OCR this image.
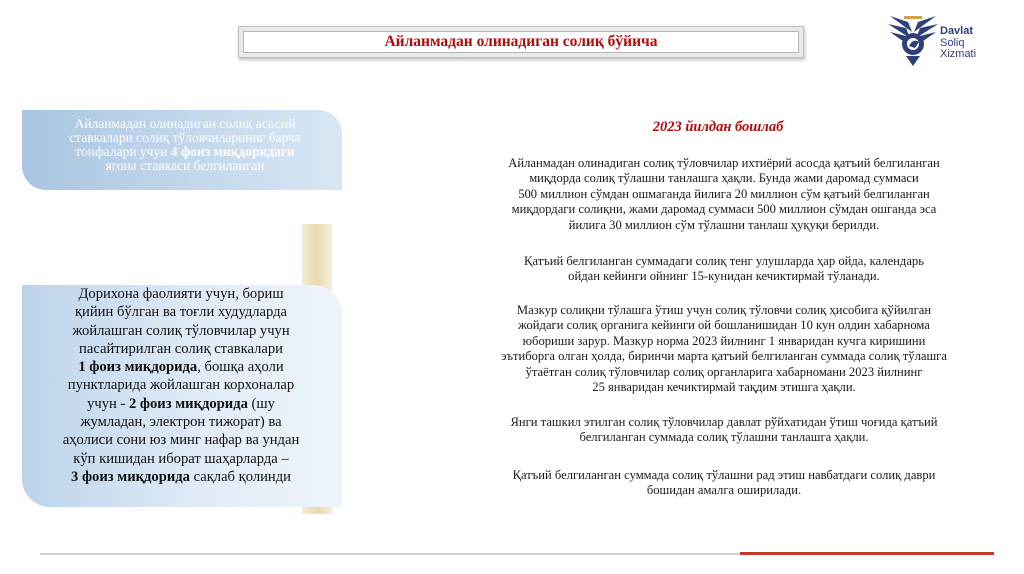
Айланмадан олинадиган солиқ бўйича
Davlat
Soliq
Xizmati
Айланмадан олинадиган солиқ асосий
ставкалари солиқ тўловчиларнинг барча
тоифалари учун 4 фоиз миқдоридаги
ягона ставкаси белгиланган
Дорихона фаолияти учун, бориш
қийин бўлган ва тоғли худудларда
жойлашган солиқ тўловчилар учун
пасайтирилган солиқ ставкалари
1 фоиз миқдорида, бошқа аҳоли
пунктларида жойлашган корхоналар
учун - 2 фоиз миқдорида (шу
жумладан, электрон тижорат) ва
аҳолиси сони юз минг нафар ва ундан
кўп кишидан иборат шаҳарларда –
3 фоиз миқдорида сақлаб қолинди
2023 йилдан бошлаб
Айланмадан олинадиган солиқ тўловчилар ихтиёрий асосда қатъий белгиланган
миқдорда солиқ тўлашни танлашга ҳақли. Бунда жами даромад суммаси
500 миллион сўмдан ошмаганда йилига 20 миллион сўм қатъий белгиланган
миқдордаги солиқни, жами даромад суммаси 500 миллион сўмдан ошганда эса
йилига 30 миллион сўм тўлашни танлаш ҳуқуқи берилди.
Қатъий белгиланган суммадаги солиқ тенг улушларда ҳар ойда, календарь
ойдан кейинги ойнинг 15-кунидан кечиктирмай тўланади.
Мазкур солиқни тўлашга ўтиш учун солиқ тўловчи солиқ ҳисобига қўйилган
жойдаги солиқ органига кейинги ой бошланишидан 10 кун олдин хабарнома
юбориши зарур. Мазкур норма 2023 йилнинг 1 январидан кучга киришини
эътиборга олган ҳолда, биринчи марта қатъий белгиланган суммада солиқ тўлашга
ўтаётган солиқ тўловчилар солиқ органларига хабарномани 2023 йилнинг
25 январидан кечиктирмай тақдим этишга ҳақли.
Янги ташкил этилган солиқ тўловчилар давлат рўйхатидан ўтиш чоғида қатъий
белгиланган суммада солиқ тўлашни танлашга ҳақли.
Қатъий белгиланган суммада солиқ тўлашни рад этиш навбатдаги солиқ даври
бошидан амалга оширилади.
